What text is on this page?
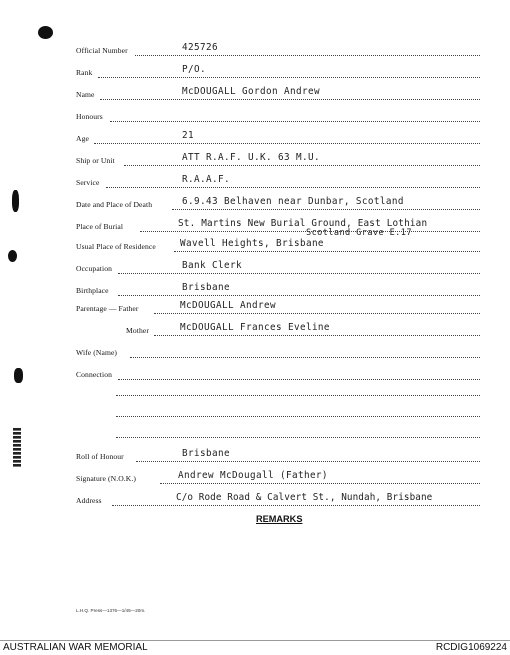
Official Number	425726
Rank	P/O.
Name	McDOUGALL Gordon Andrew
Honours
Age	21
Ship or Unit	ATT R.A.F. U.K. 63 M.U.
Service	R.A.A.F.
Date and Place of Death	6.9.43 Belhaven near Dunbar, Scotland
Place of Burial	St. Martins New Burial Ground, East Lothian
Scotland Grave E.17
Usual Place of Residence	Wavell Heights, Brisbane
Occupation	Bank Clerk
Birthplace	Brisbane
Parentage — Father	McDOUGALL Andrew
Mother	McDOUGALL Frances Eveline
Wife (Name)
Connection
Roll of Honour	Brisbane
Signature (N.O.K.)	Andrew McDougall (Father)
Address	C/o Rode Road & Calvert St., Nundah, Brisbane
REMARKS
L.H.Q. Press—1376—1/45—20m.
AUSTRALIAN WAR MEMORIAL	RCDIG1069224
